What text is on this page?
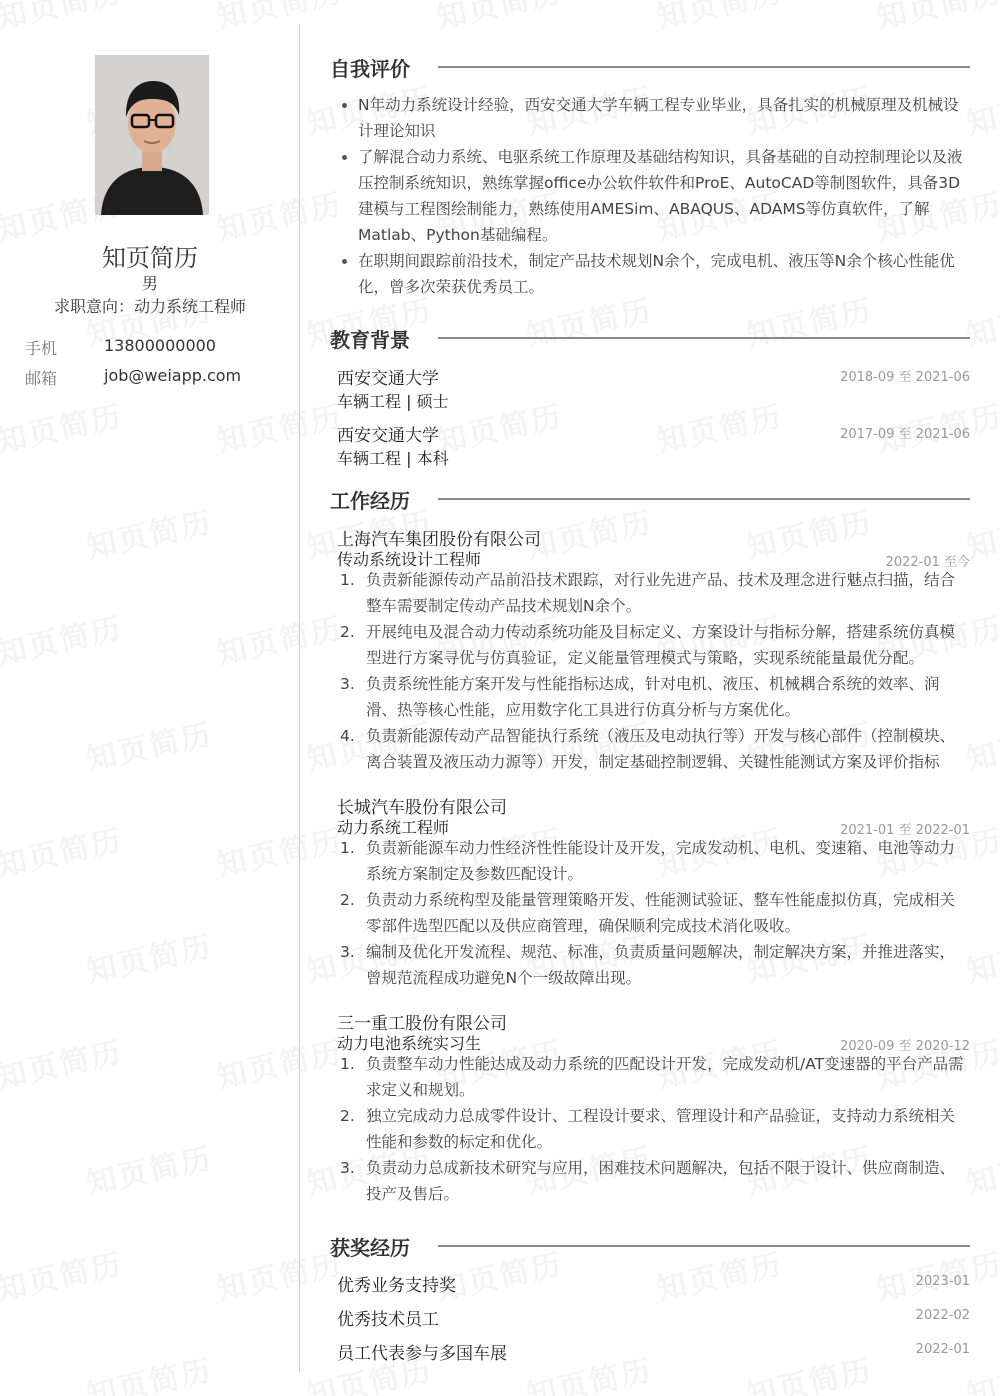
知页简历
男
求职意向：动力系统工程师
手机	13800000000
邮箱	job@weiapp.com
自我评价
N年动力系统设计经验，西安交通大学车辆工程专业毕业，具备扎实的机械原理及机械设计理论知识
了解混合动力系统、电驱系统工作原理及基础结构知识，具备基础的自动控制理论以及液压控制系统知识，熟练掌握office办公软件软件和ProE、AutoCAD等制图软件，具备3D建模与工程图绘制能力，熟练使用AMESim、ABAQUS、ADAMS等仿真软件，了解Matlab、Python基础编程。
在职期间跟踪前沿技术，制定产品技术规划N余个，完成电机、液压等N余个核心性能优化，曾多次荣获优秀员工。
教育背景
西安交通大学	2018-09 至 2021-06
车辆工程 | 硕士
西安交通大学	2017-09 至 2021-06
车辆工程 | 本科
工作经历
上海汽车集团股份有限公司
传动系统设计工程师	2022-01 至今
1. 负责新能源传动产品前沿技术跟踪，对行业先进产品、技术及理念进行魅点扫描，结合整车需要制定传动产品技术规划N余个。
2. 开展纯电及混合动力传动系统功能及目标定义、方案设计与指标分解，搭建系统仿真模型进行方案寻优与仿真验证，定义能量管理模式与策略，实现系统能量最优分配。
3. 负责系统性能方案开发与性能指标达成，针对电机、液压、机械耦合系统的效率、润滑、热等核心性能，应用数字化工具进行仿真分析与方案优化。
4. 负责新能源传动产品智能执行系统（液压及电动执行等）开发与核心部件（控制模块、离合装置及液压动力源等）开发，制定基础控制逻辑、关键性能测试方案及评价指标
长城汽车股份有限公司
动力系统工程师	2021-01 至 2022-01
1. 负责新能源车动力性经济性性能设计及开发，完成发动机、电机、变速箱、电池等动力系统方案制定及参数匹配设计。
2. 负责动力系统构型及能量管理策略开发、性能测试验证、整车性能虚拟仿真，完成相关零部件选型匹配以及供应商管理，确保顺利完成技术消化吸收。
3. 编制及优化开发流程、规范、标准，负责质量问题解决，制定解决方案，并推进落实，曾规范流程成功避免N个一级故障出现。
三一重工股份有限公司
动力电池系统实习生	2020-09 至 2020-12
1. 负责整车动力性能达成及动力系统的匹配设计开发，完成发动机/AT变速器的平台产品需求定义和规划。
2. 独立完成动力总成零件设计、工程设计要求、管理设计和产品验证，支持动力系统相关性能和参数的标定和优化。
3. 负责动力总成新技术研究与应用，困难技术问题解决，包括不限于设计、供应商制造、投产及售后。
获奖经历
优秀业务支持奖	2023-01
优秀技术员工	2022-02
员工代表参与多国车展	2022-01
